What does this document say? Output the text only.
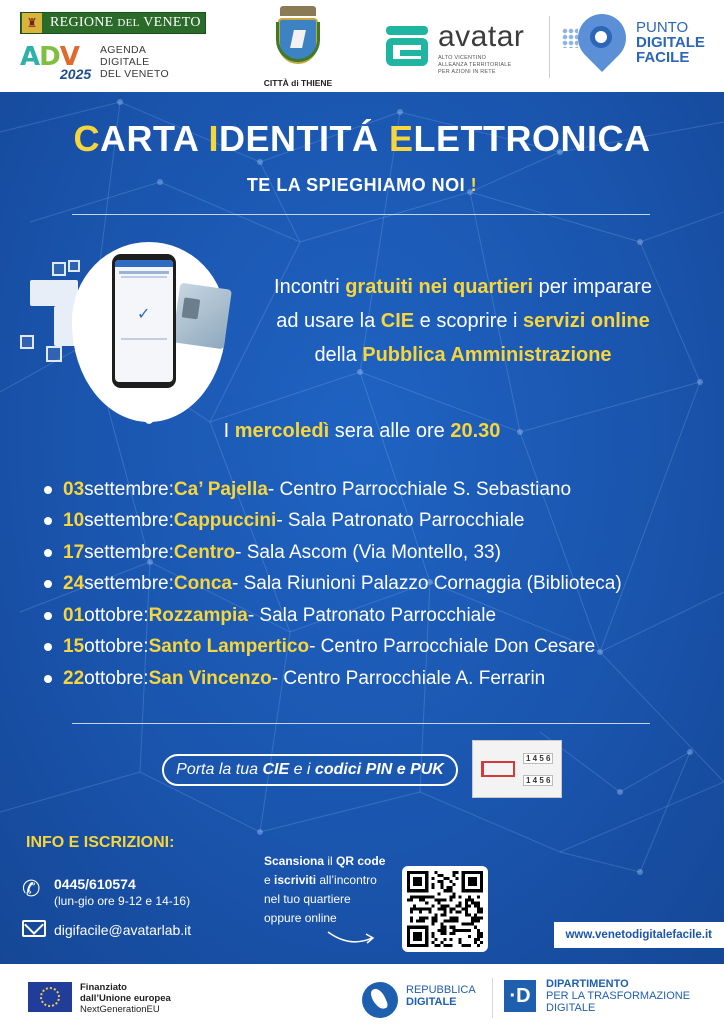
♜ REGIONE DEL VENETO
ADV
2025
AGENDA
DIGITALE
DEL VENETO
CITTÀ di THIENE
avatar
ALTO VICENTINO
ALLEANZA TERRITORIALE
PER AZIONI IN RETE
PUNTO
DIGITALE
FACILE
CARTA IDENTITÁ ELETTRONICA
TE LA SPIEGHIAMO NOI !
✓
Incontri gratuiti nei quartieri per imparare
ad usare la CIE e scoprire i servizi online
della Pubblica Amministrazione
I mercoledì sera alle ore 20.30
03 settembre: Ca’ Pajella - Centro Parrocchiale S. Sebastiano
10 settembre: Cappuccini - Sala Patronato Parrocchiale
17 settembre: Centro - Sala Ascom (Via Montello, 33)
24 settembre: Conca - Sala Riunioni Palazzo Cornaggia (Biblioteca)
01 ottobre: Rozzampia - Sala Patronato Parrocchiale
15 ottobre: Santo Lampertico - Centro Parrocchiale Don Cesare
22 ottobre: San Vincenzo - Centro Parrocchiale A. Ferrarin
Porta la tua
CIE
e i
codici PIN e PUK
1 4 5 6
1 4 5 6
INFO E ISCRIZIONI:
✆ 0445/610574
(lun-gio ore 9-12 e 14-16)
digifacile@avatarlab.it
Scansiona il QR code
e iscriviti all’incontro
nel tuo quartiere
oppure online
www.venetodigitalefacile.it
Finanziato
dall’Unione europea
NextGenerationEU
REPUBBLICA
DIGITALE	·D
DIPARTIMENTO
PER LA TRASFORMAZIONE
DIGITALE
